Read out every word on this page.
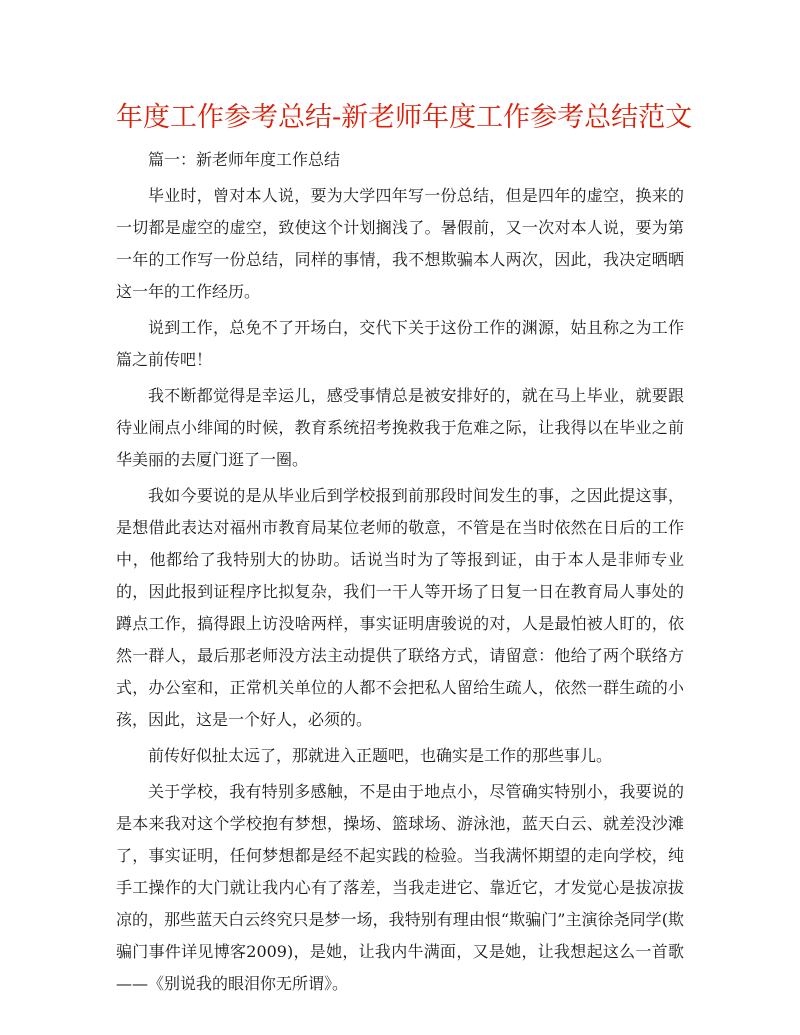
年度工作参考总结-新老师年度工作参考总结范文
篇一：新老师年度工作总结
毕业时，曾对本人说，要为大学四年写一份总结，但是四年的虚空，换来的一切都是虚空的虚空，致使这个计划搁浅了。暑假前，又一次对本人说，要为第一年的工作写一份总结，同样的事情，我不想欺骗本人两次，因此，我决定晒晒这一年的工作经历。
说到工作，总免不了开场白，交代下关于这份工作的渊源，姑且称之为工作篇之前传吧！
我不断都觉得是幸运儿，感受事情总是被安排好的，就在马上毕业，就要跟待业闹点小绯闻的时候，教育系统招考挽救我于危难之际，让我得以在毕业之前华美丽的去厦门逛了一圈。
我如今要说的是从毕业后到学校报到前那段时间发生的事，之因此提这事，是想借此表达对福州市教育局某位老师的敬意，不管是在当时依然在日后的工作中，他都给了我特别大的协助。话说当时为了等报到证，由于本人是非师专业的，因此报到证程序比拟复杂，我们一干人等开场了日复一日在教育局人事处的蹲点工作，搞得跟上访没啥两样，事实证明唐骏说的对，人是最怕被人盯的，依然一群人，最后那老师没方法主动提供了联络方式，请留意：他给了两个联络方式，办公室和，正常机关单位的人都不会把私人留给生疏人，依然一群生疏的小孩，因此，这是一个好人，必须的。
前传好似扯太远了，那就进入正题吧，也确实是工作的那些事儿。
关于学校，我有特别多感触，不是由于地点小，尽管确实特别小，我要说的是本来我对这个学校抱有梦想，操场、篮球场、游泳池，蓝天白云、就差没沙滩了，事实证明，任何梦想都是经不起实践的检验。当我满怀期望的走向学校，纯手工操作的大门就让我内心有了落差，当我走进它、靠近它，才发觉心是拔凉拔凉的，那些蓝天白云终究只是梦一场，我特别有理由恨“欺骗门”主演徐尧同学(欺骗门事件详见博客2009)，是她，让我内牛满面，又是她，让我想起这么一首歌——《别说我的眼泪你无所谓》。
